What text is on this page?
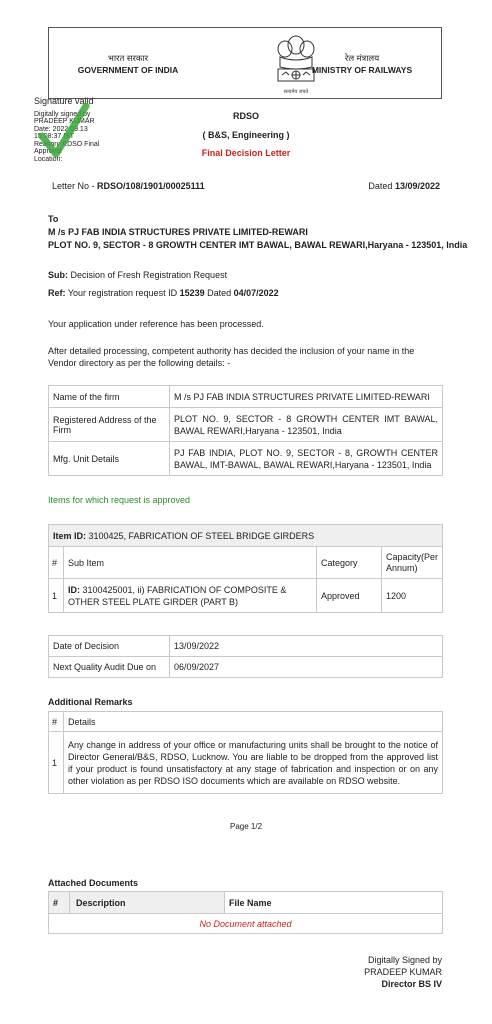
भारत सरकार
GOVERNMENT OF INDIA
रेल मंत्रालय
MINISTRY OF RAILWAYS
सत्यमेव जयते
Signature valid
Digitally signed by
PRADEEP KUMAR
Date: 2022.09.13
15:08:37 IST
Reason: RDSO Final
Approval
Location:
RDSO
( B&S, Engineering )
Final Decision Letter
Letter No - RDSO/108/1901/00025111	Dated 13/09/2022
To
M /s PJ FAB INDIA STRUCTURES PRIVATE LIMITED-REWARI
PLOT NO. 9, SECTOR - 8 GROWTH CENTER IMT BAWAL, BAWAL REWARI,Haryana - 123501, India
Sub: Decision of Fresh Registration Request
Ref: Your registration request ID 15239 Dated 04/07/2022
Your application under reference has been processed.
After detailed processing, competent authority has decided the inclusion of your name in the Vendor directory as per the following details: -
Name of the firm	M /s PJ FAB INDIA STRUCTURES PRIVATE LIMITED-REWARI
Registered Address of the Firm	PLOT NO. 9, SECTOR - 8 GROWTH CENTER IMT BAWAL, BAWAL REWARI,Haryana - 123501, India
Mfg. Unit Details	PJ FAB INDIA, PLOT NO. 9, SECTOR - 8, GROWTH CENTER BAWAL, IMT-BAWAL, BAWAL REWARI,Haryana - 123501, India
Items for which request is approved
Item ID: 3100425, FABRICATION OF STEEL BRIDGE GIRDERS			
#	Sub Item	Category	Capacity(Per Annum)
1	ID: 3100425001, ii) FABRICATION OF COMPOSITE & OTHER STEEL PLATE GIRDER (PART B)	Approved	1200
Date of Decision	13/09/2022
Next Quality Audit Due on	06/09/2027
Additional Remarks
#	Details
1	Any change in address of your office or manufacturing units shall be brought to the notice of Director General/B&S, RDSO, Lucknow. You are liable to be dropped from the approved list if your product is found unsatisfactory at any stage of fabrication and inspection or on any other violation as per RDSO ISO documents which are available on RDSO website.
Page 1/2
Attached Documents
#	Description	File Name
No Document attached
Digitally Signed by
PRADEEP KUMAR
Director BS IV
